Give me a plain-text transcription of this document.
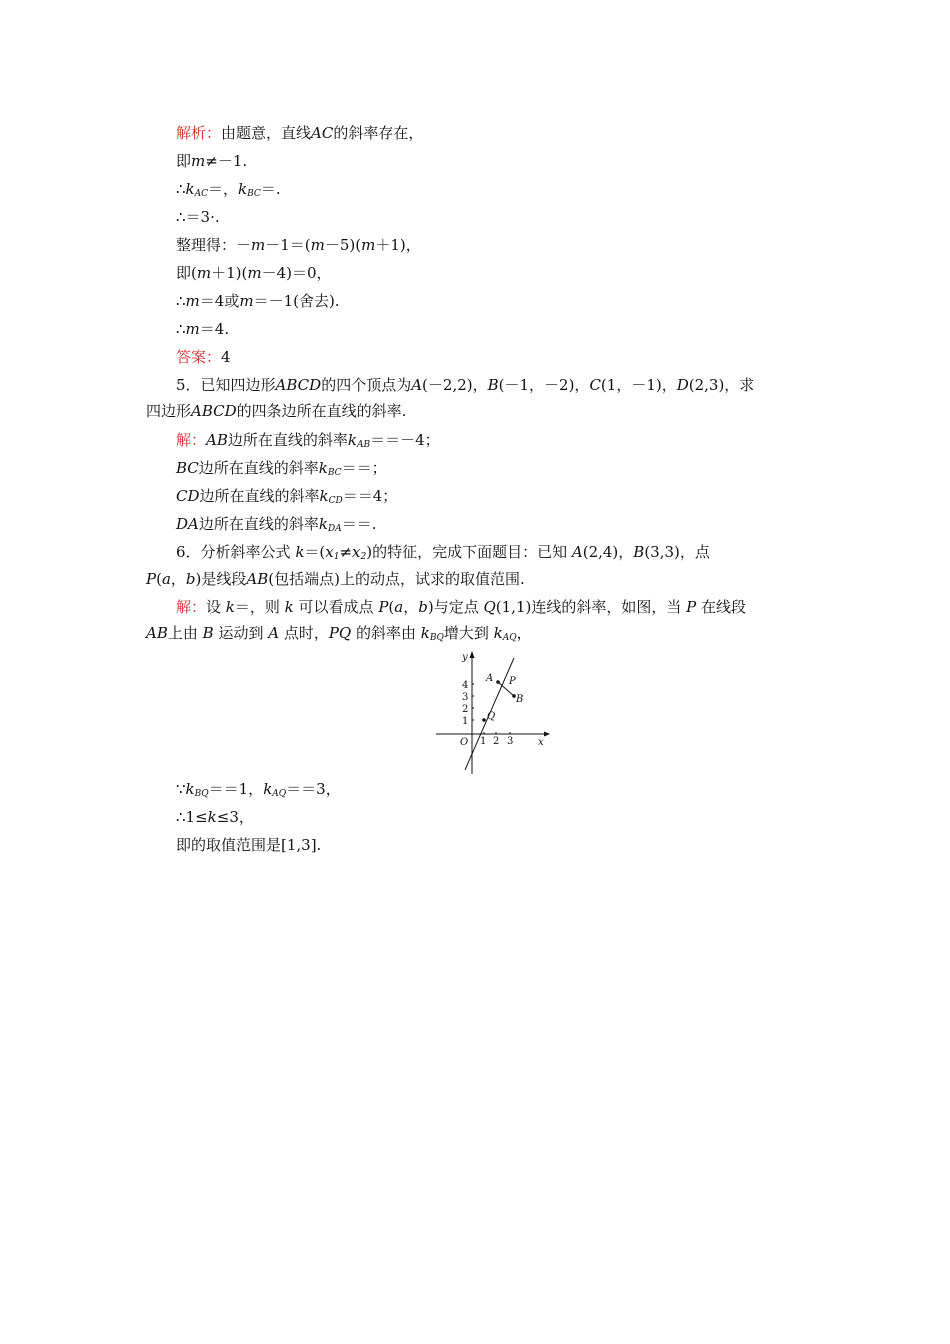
解析：由题意，直线AC的斜率存在，
即m≠－1.
$\therefore k_{AC}=$，$k_{BC}=$.
∴＝3·.
整理得：－m－1＝(m－5)(m＋1)，
即(m＋1)(m－4)＝0，
∴m＝4或m＝－1(舍去).
∴m＝4.
答案：4
5．已知四边形ABCD的四个顶点为A(－2,2)，B(－1，－2)，C(1，－1)，D(2,3)，求
四边形ABCD的四条边所在直线的斜率.
解：AB边所在直线的斜率$k_{AB}==-4$；
BC边所在直线的斜率$k_{BC}==$；
CD边所在直线的斜率$k_{CD}==4$；
DA边所在直线的斜率$k_{DA}==$.
6．分析斜率公式 $k=(x_1\ne x_2)$的特征，完成下面题目：已知 A(2,4)，B(3,3)，点
P(a，b)是线段AB(包括端点)上的动点，试求的取值范围.
解：设 k＝，则 k 可以看成点 P(a，b)与定点 Q(1,1)连线的斜率，如图，当 P 在线段
AB上由 B 运动到 A 点时，PQ 的斜率由 $k_{BQ}$增大到 $k_{AQ}$，
y
x
O 1 2 3
1
2
3
4
A P
B
Q
$\because k_{BQ}==1$，$k_{AQ}==3$，
∴1≤k≤3，
即的取值范围是[1,3].
